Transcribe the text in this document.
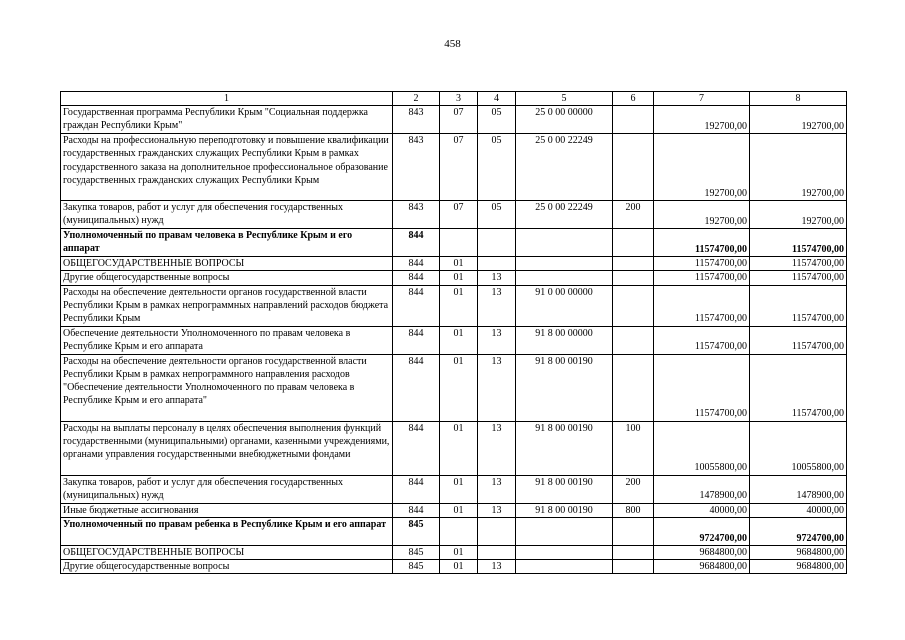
458
1	2	3	4	5	6	7	8
Государственная программа Республики Крым "Социальная поддержка граждан Республики Крым"	843	07	05	25 0 00 00000		192700,00	192700,00
Расходы на профессиональную переподготовку и повышение квалификации государственных гражданских служащих Республики Крым в рамках государственного заказа на дополнительное профессиональное образование государственных гражданских служащих Республики Крым	843	07	05	25 0 00 22249		192700,00	192700,00
Закупка товаров, работ и услуг для обеспечения государственных (муниципальных) нужд	843	07	05	25 0 00 22249	200	192700,00	192700,00
Уполномоченный по правам человека в Республике Крым и его аппарат	844					11574700,00	11574700,00
ОБЩЕГОСУДАРСТВЕННЫЕ ВОПРОСЫ	844	01				11574700,00	11574700,00
Другие общегосударственные вопросы	844	01	13			11574700,00	11574700,00
Расходы на обеспечение деятельности органов государственной власти Республики Крым в рамках непрограммных направлений расходов бюджета Республики Крым	844	01	13	91 0 00 00000		11574700,00	11574700,00
Обеспечение деятельности Уполномоченного по правам человека в Республике Крым и его аппарата	844	01	13	91 8 00 00000		11574700,00	11574700,00
Расходы на обеспечение деятельности органов государственной власти Республики Крым в рамках непрограммного направления расходов "Обеспечение деятельности Уполномоченного по правам человека в Республике Крым и его аппарата"	844	01	13	91 8 00 00190		11574700,00	11574700,00
Расходы на выплаты персоналу в целях обеспечения выполнения функций государственными (муниципальными) органами, казенными учреждениями, органами управления государственными внебюджетными фондами	844	01	13	91 8 00 00190	100	10055800,00	10055800,00
Закупка товаров, работ и услуг для обеспечения государственных (муниципальных) нужд	844	01	13	91 8 00 00190	200	1478900,00	1478900,00
Иные бюджетные ассигнования	844	01	13	91 8 00 00190	800	40000,00	40000,00
Уполномоченный по правам ребенка в Республике Крым и его аппарат	845					9724700,00	9724700,00
ОБЩЕГОСУДАРСТВЕННЫЕ ВОПРОСЫ	845	01				9684800,00	9684800,00
Другие общегосударственные вопросы	845	01	13			9684800,00	9684800,00
